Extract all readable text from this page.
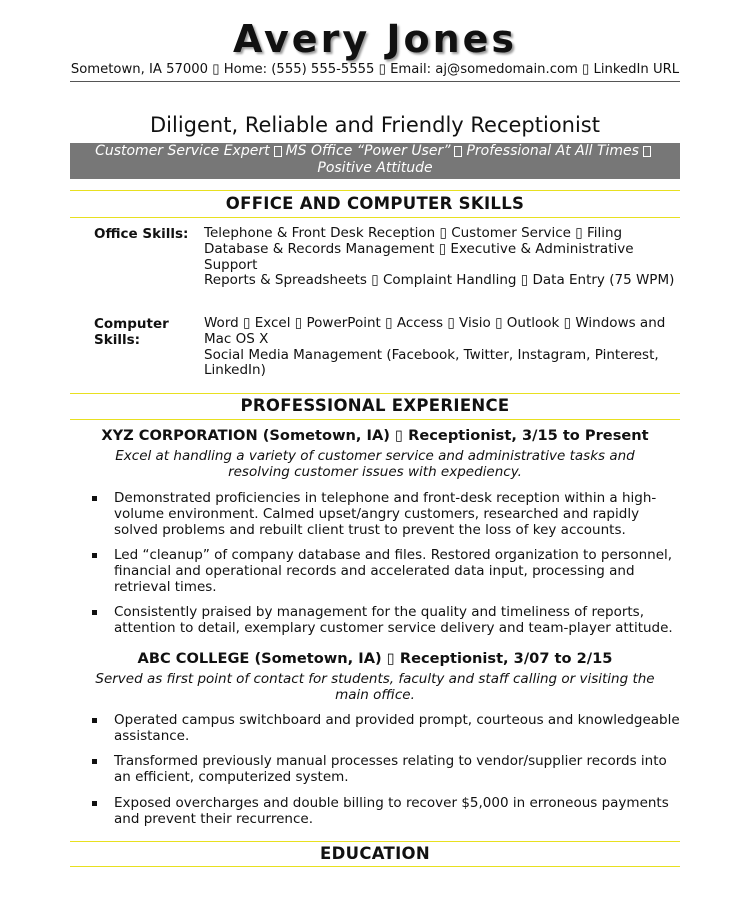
Avery Jones
Sometown, IA 57000 ▯ Home: (555) 555-5555 ▯ Email: aj@somedomain.com ▯ LinkedIn URL
Diligent, Reliable and Friendly Receptionist
Customer Service Expert MS Office “Power User” Professional At All Times
Positive Attitude
OFFICE AND COMPUTER SKILLS
Office Skills:	Telephone & Front Desk Reception ▯ Customer Service ▯ Filing
Database & Records Management ▯ Executive & Administrative Support
Reports & Spreadsheets ▯ Complaint Handling ▯ Data Entry (75 WPM)
Computer Skills:
Word ▯ Excel ▯ PowerPoint ▯ Access ▯ Visio ▯ Outlook ▯ Windows and Mac OS X
Social Media Management (Facebook, Twitter, Instagram, Pinterest, LinkedIn)
PROFESSIONAL EXPERIENCE
XYZ CORPORATION (Sometown, IA) ▯ Receptionist, 3/15 to Present
Excel at handling a variety of customer service and administrative tasks and resolving customer issues with expediency.
Demonstrated proficiencies in telephone and front-desk reception within a high-volume environment. Calmed upset/angry customers, researched and rapidly solved problems and rebuilt client trust to prevent the loss of key accounts.
Led “cleanup” of company database and files. Restored organization to personnel, financial and operational records and accelerated data input, processing and retrieval times.
Consistently praised by management for the quality and timeliness of reports, attention to detail, exemplary customer service delivery and team-player attitude.
ABC COLLEGE (Sometown, IA) ▯ Receptionist, 3/07 to 2/15
Served as first point of contact for students, faculty and staff calling or visiting the main office.
Operated campus switchboard and provided prompt, courteous and knowledgeable assistance.
Transformed previously manual processes relating to vendor/supplier records into an efficient, computerized system.
Exposed overcharges and double billing to recover $5,000 in erroneous payments and prevent their recurrence.
EDUCATION
